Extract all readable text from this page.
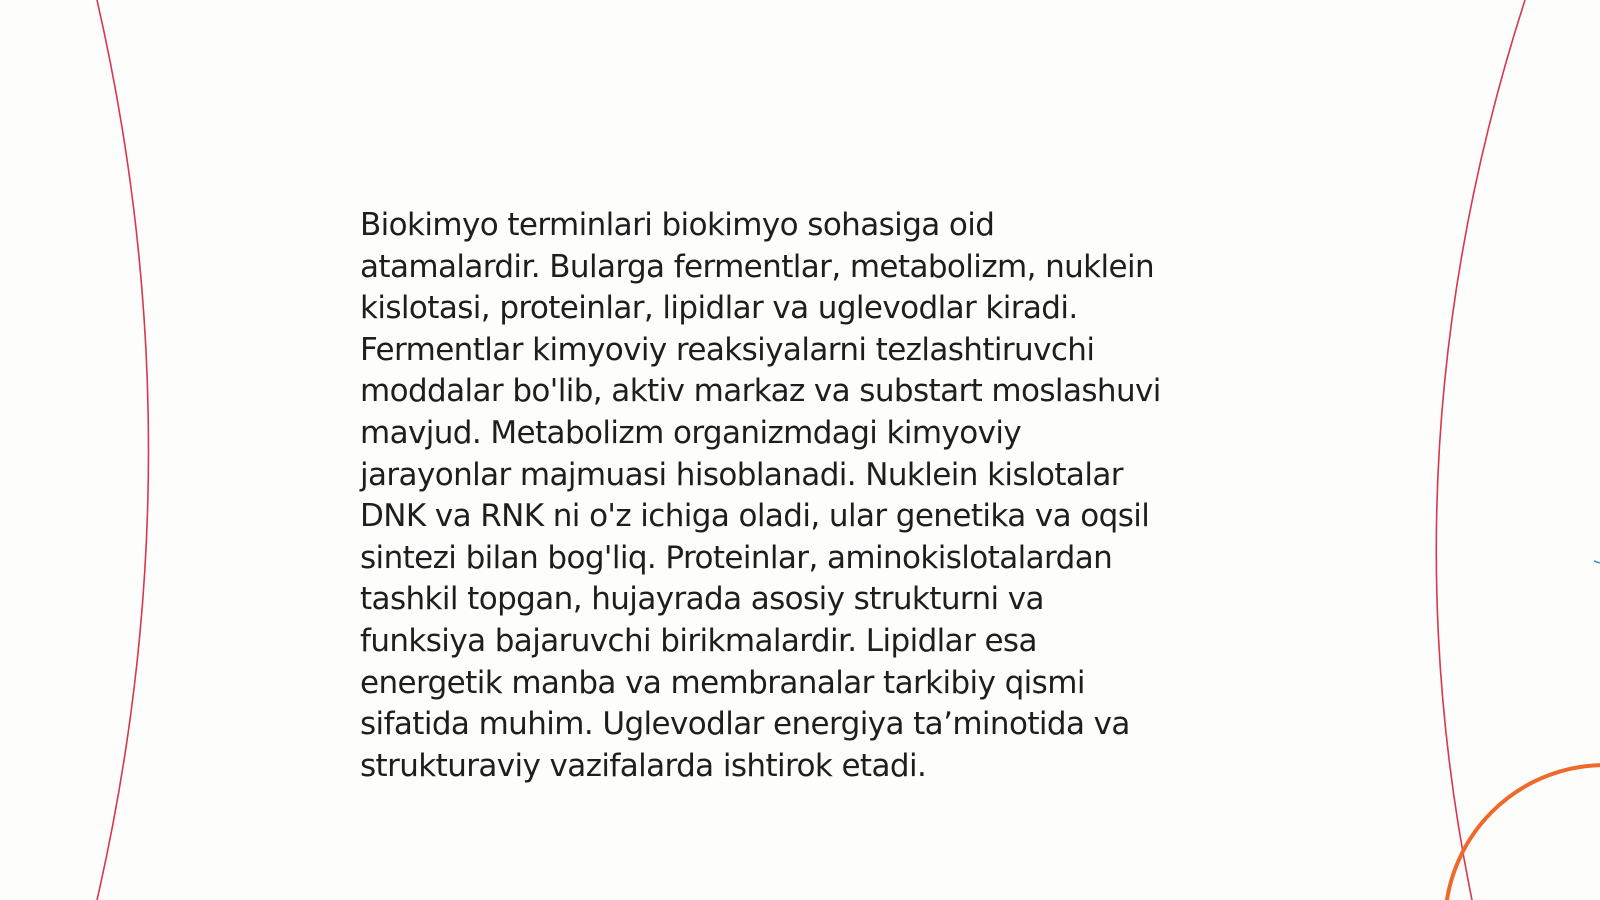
Biokimyo terminlari biokimyo sohasiga oid
atamalardir. Bularga fermentlar, metabolizm, nuklein
kislotasi, proteinlar, lipidlar va uglevodlar kiradi.
Fermentlar kimyoviy reaksiyalarni tezlashtiruvchi
moddalar bo'lib, aktiv markaz va substart moslashuvi
mavjud. Metabolizm organizmdagi kimyoviy
jarayonlar majmuasi hisoblanadi. Nuklein kislotalar
DNK va RNK ni o'z ichiga oladi, ular genetika va oqsil
sintezi bilan bog'liq. Proteinlar, aminokislotalardan
tashkil topgan, hujayrada asosiy strukturni va
funksiya bajaruvchi birikmalardir. Lipidlar esa
energetik manba va membranalar tarkibiy qismi
sifatida muhim. Uglevodlar energiya ta’minotida va
strukturaviy vazifalarda ishtirok etadi.
